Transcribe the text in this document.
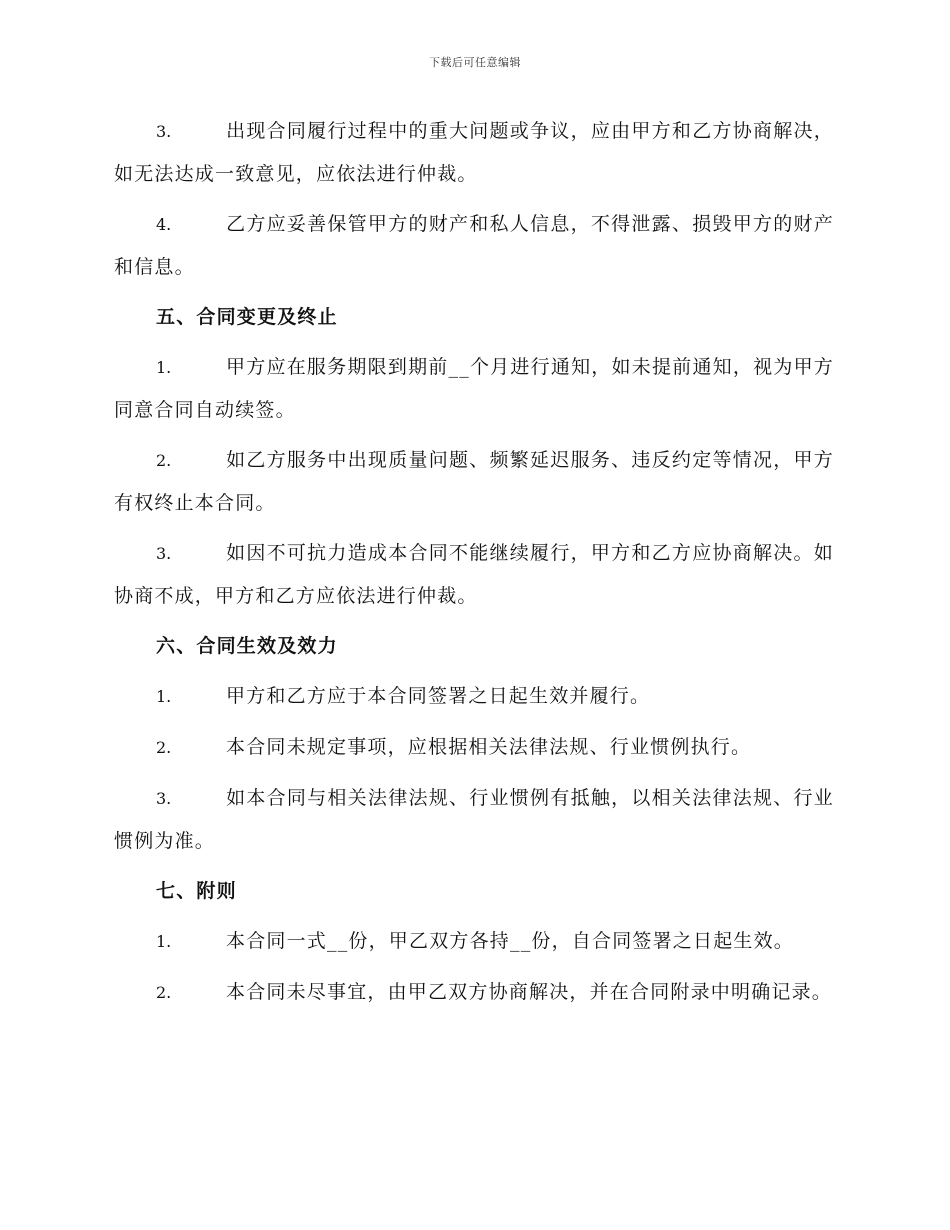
下载后可任意编辑
3.	出现合同履行过程中的重大问题或争议，应由甲方和乙方协商解决，如无法达成一致意见，应依法进行仲裁。
4.	乙方应妥善保管甲方的财产和私人信息，不得泄露、损毁甲方的财产和信息。
五、合同变更及终止
1.	甲方应在服务期限到期前__个月进行通知，如未提前通知，视为甲方同意合同自动续签。
2.	如乙方服务中出现质量问题、频繁延迟服务、违反约定等情况，甲方有权终止本合同。
3.	如因不可抗力造成本合同不能继续履行，甲方和乙方应协商解决。如协商不成，甲方和乙方应依法进行仲裁。
六、合同生效及效力
1.	甲方和乙方应于本合同签署之日起生效并履行。
2.	本合同未规定事项，应根据相关法律法规、行业惯例执行。
3.	如本合同与相关法律法规、行业惯例有抵触，以相关法律法规、行业惯例为准。
七、附则
1.	本合同一式__份，甲乙双方各持__份，自合同签署之日起生效。
2.	本合同未尽事宜，由甲乙双方协商解决，并在合同附录中明确记录。
